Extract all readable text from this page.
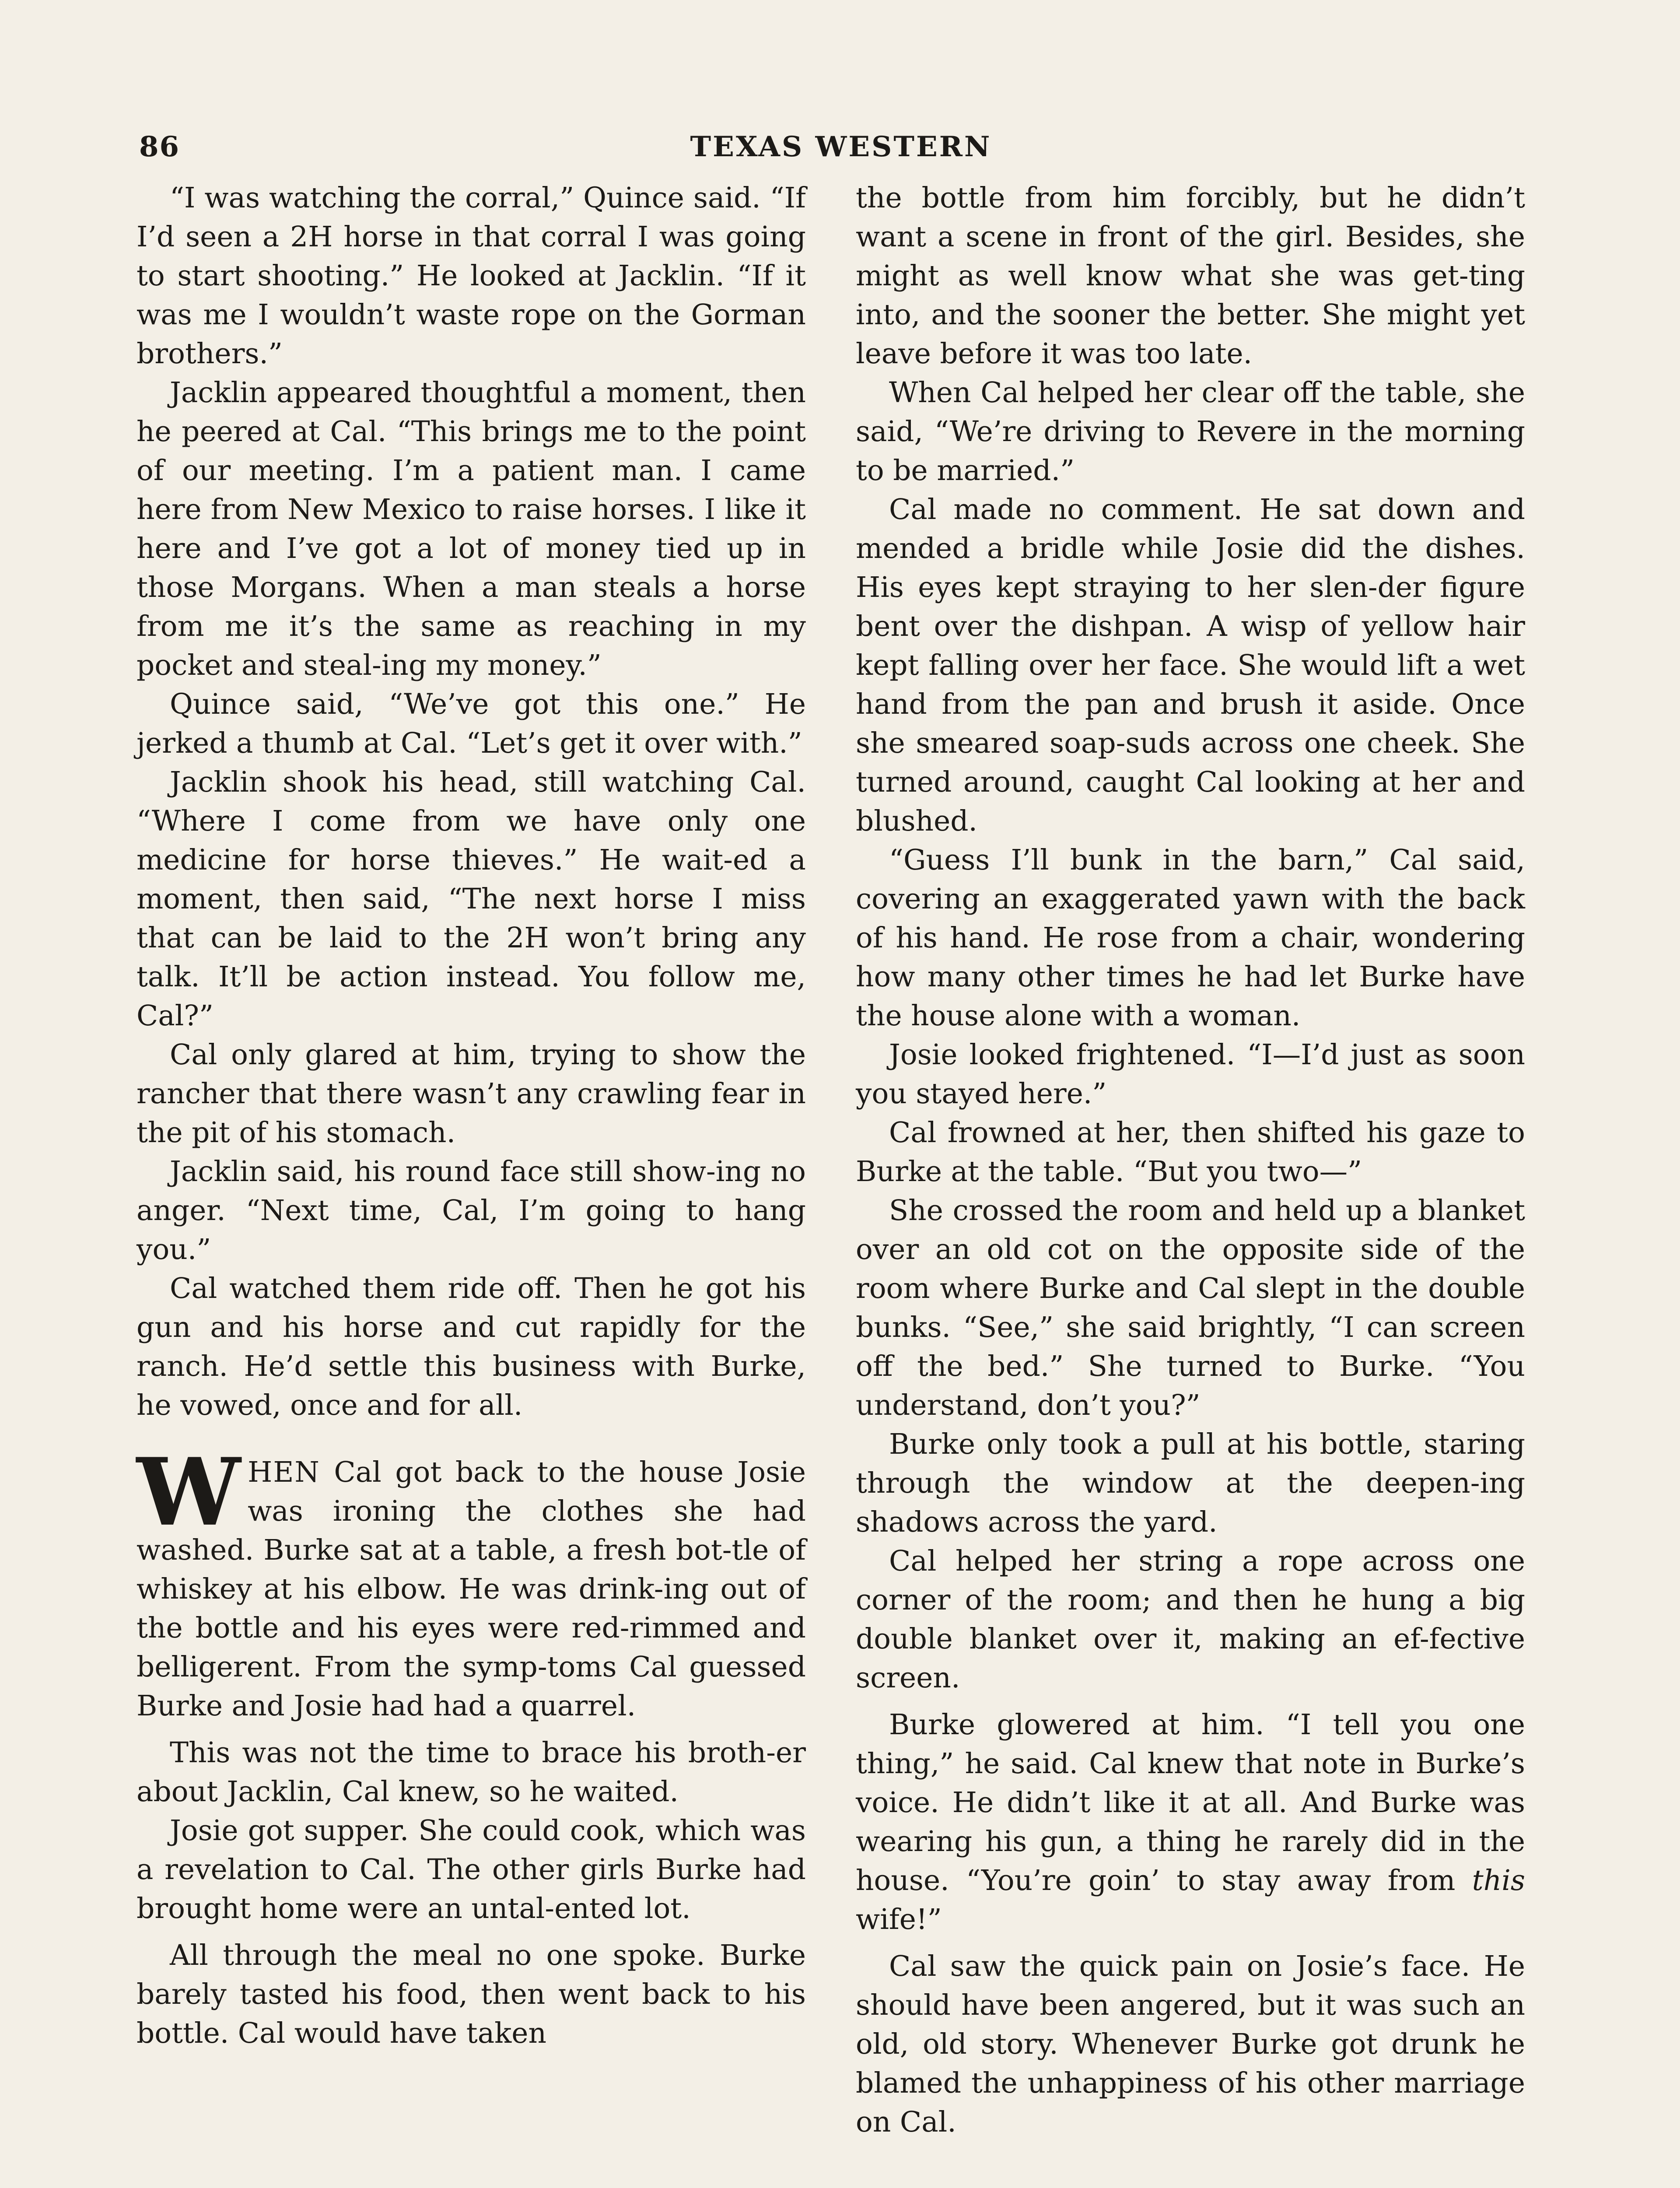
86	TEXAS WESTERN

“I was watching the corral,” Quince said. “If I’d seen a 2H horse in that corral I was going to start shooting.” He looked at Jacklin. “If it was me I wouldn’t waste rope on the Gorman brothers.”

Jacklin appeared thoughtful a moment, then he peered at Cal. “This brings me to the point of our meeting. I’m a patient man. I came here from New Mexico to raise horses. I like it here and I’ve got a lot of money tied up in those Morgans. When a man steals a horse from me it’s the same as reaching in my pocket and steal-ing my money.”

Quince said, “We’ve got this one.” He jerked a thumb at Cal. “Let’s get it over with.”

Jacklin shook his head, still watching Cal. “Where I come from we have only one medicine for horse thieves.” He wait-ed a moment, then said, “The next horse I miss that can be laid to the 2H won’t bring any talk. It’ll be action instead. You follow me, Cal?”

Cal only glared at him, trying to show the rancher that there wasn’t any crawling fear in the pit of his stomach.

Jacklin said, his round face still show-ing no anger. “Next time, Cal, I’m going to hang you.”

Cal watched them ride off. Then he got his gun and his horse and cut rapidly for the ranch. He’d settle this business with Burke, he vowed, once and for all.

WHEN Cal got back to the house Josie was ironing the clothes she had washed. Burke sat at a table, a fresh bot-tle of whiskey at his elbow. He was drink-ing out of the bottle and his eyes were red-rimmed and belligerent. From the symp-toms Cal guessed Burke and Josie had had a quarrel.

This was not the time to brace his broth-er about Jacklin, Cal knew, so he waited.

Josie got supper. She could cook, which was a revelation to Cal. The other girls Burke had brought home were an untal-ented lot.

All through the meal no one spoke. Burke barely tasted his food, then went back to his bottle. Cal would have taken

the bottle from him forcibly, but he didn’t want a scene in front of the girl. Besides, she might as well know what she was get-ting into, and the sooner the better. She might yet leave before it was too late.

When Cal helped her clear off the table, she said, “We’re driving to Revere in the morning to be married.”

Cal made no comment. He sat down and mended a bridle while Josie did the dishes. His eyes kept straying to her slen-der figure bent over the dishpan. A wisp of yellow hair kept falling over her face. She would lift a wet hand from the pan and brush it aside. Once she smeared soap-suds across one cheek. She turned around, caught Cal looking at her and blushed.

“Guess I’ll bunk in the barn,” Cal said, covering an exaggerated yawn with the back of his hand. He rose from a chair, wondering how many other times he had let Burke have the house alone with a woman.

Josie looked frightened. “I—I’d just as soon you stayed here.”

Cal frowned at her, then shifted his gaze to Burke at the table. “But you two—”

She crossed the room and held up a blanket over an old cot on the opposite side of the room where Burke and Cal slept in the double bunks. “See,” she said brightly, “I can screen off the bed.” She turned to Burke. “You understand, don’t you?”

Burke only took a pull at his bottle, staring through the window at the deepen-ing shadows across the yard.

Cal helped her string a rope across one corner of the room; and then he hung a big double blanket over it, making an ef-fective screen.

Burke glowered at him. “I tell you one thing,” he said. Cal knew that note in Burke’s voice. He didn’t like it at all. And Burke was wearing his gun, a thing he rarely did in the house. “You’re goin’ to stay away from this wife!”

Cal saw the quick pain on Josie’s face. He should have been angered, but it was such an old, old story. Whenever Burke got drunk he blamed the unhappiness of his other marriage on Cal.
